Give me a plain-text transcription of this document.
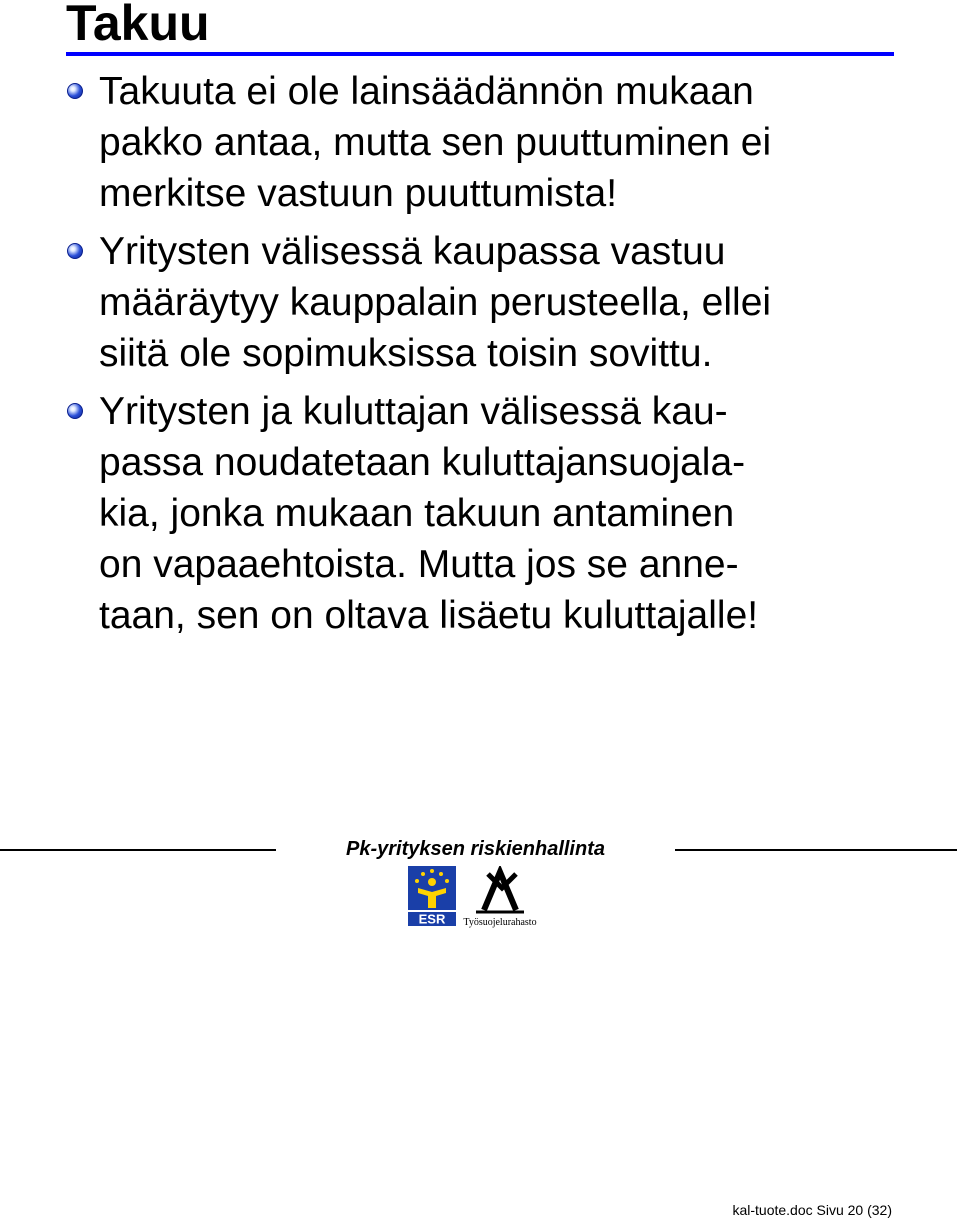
Takuu
Takuuta ei ole lainsäädännön mukaan
pakko antaa, mutta sen puuttuminen ei
merkitse vastuun puuttumista!
Yritysten välisessä kaupassa vastuu
määräytyy kauppalain perusteella, ellei
siitä ole sopimuksissa toisin sovittu.
Yritysten ja kuluttajan välisessä kau-
passa noudatetaan kuluttajansuojala-
kia, jonka mukaan takuun antaminen
on vapaaehtoista. Mutta jos se anne-
taan, sen on oltava lisäetu kuluttajalle!
Pk-yrityksen riskienhallinta
ESR Työsuojelurahasto
kal-tuote.doc Sivu 20 (32)
